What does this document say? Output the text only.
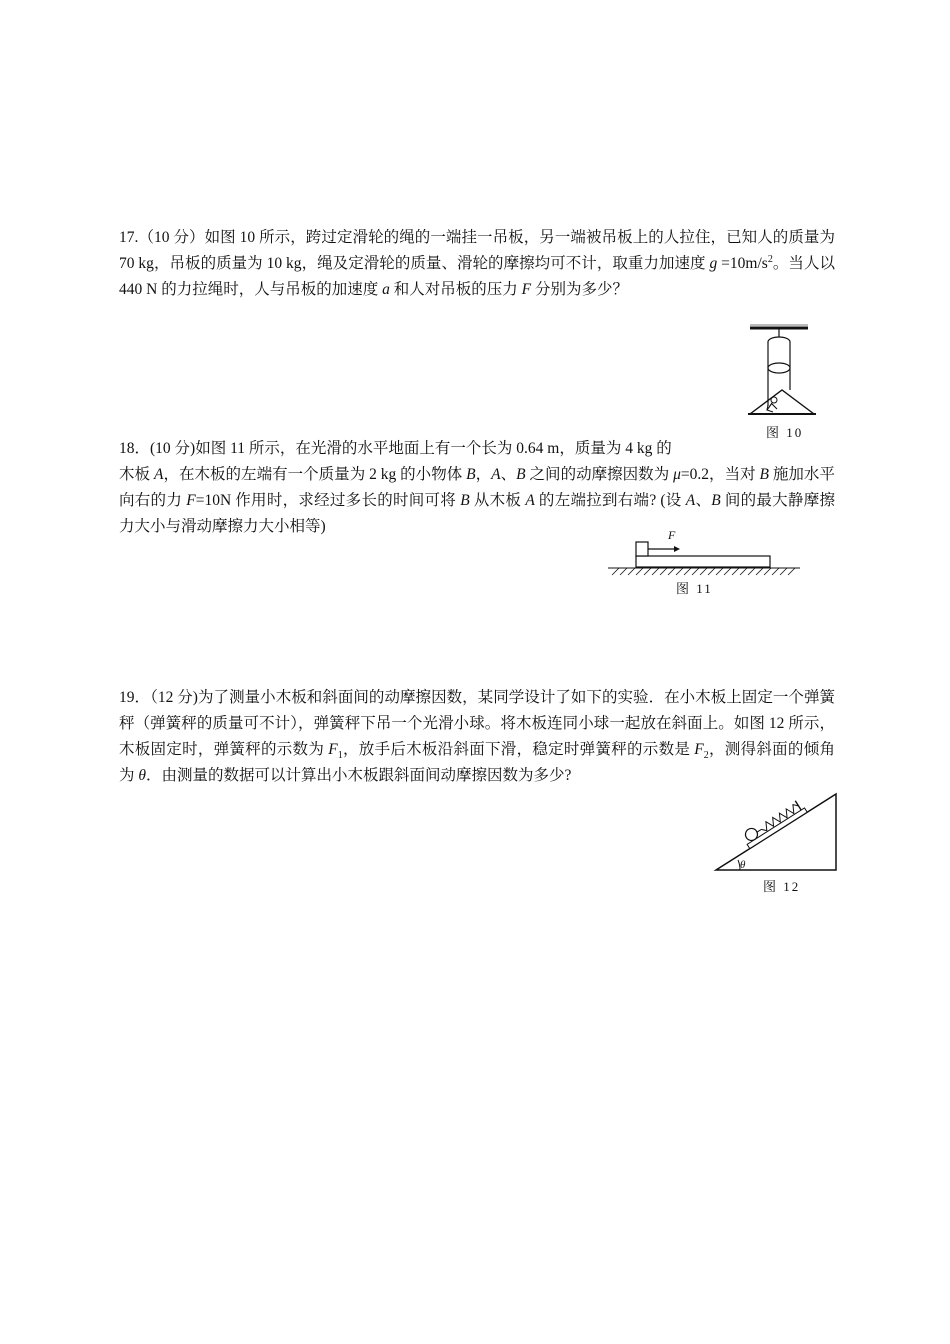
17.（10 分）如图 10 所示，跨过定滑轮的绳的一端挂一吊板，另一端被吊板上的人拉住，已知人的质量为 70 kg，吊板的质量为 10 kg，绳及定滑轮的质量、滑轮的摩擦均可不计，取重力加速度 $g =10m/s^2$。当人以 440 N 的力拉绳时，人与吊板的加速度 a 和人对吊板的压力 F 分别为多少？

图 10

18．(10 分)如图 11 所示，在光滑的水平地面上有一个长为 0.64 m，质量为 4 kg 的

木板 A，在木板的左端有一个质量为 2 kg 的小物体 B，A、B 之间的动摩擦因数为 μ=0.2，当对 B 施加水平向右的力 F=10N 作用时，求经过多长的时间可将 B 从木板 A 的左端拉到右端? (设 A、B 间的最大静摩擦力大小与滑动摩擦力大小相等)	F
图 11

19．（12 分)为了测量小木板和斜面间的动摩擦因数，某同学设计了如下的实验．在小木板上固定一个弹簧秤（弹簧秤的质量可不计），弹簧秤下吊一个光滑小球。将木板连同小球一起放在斜面上。如图 12 所示，木板固定时，弹簧秤的示数为 $F_1$，放手后木板沿斜面下滑，稳定时弹簧秤的示数是 $F_2$，测得斜面的倾角为 θ．由测量的数据可以计算出小木板跟斜面间动摩擦因数为多少?

θ
图 12
